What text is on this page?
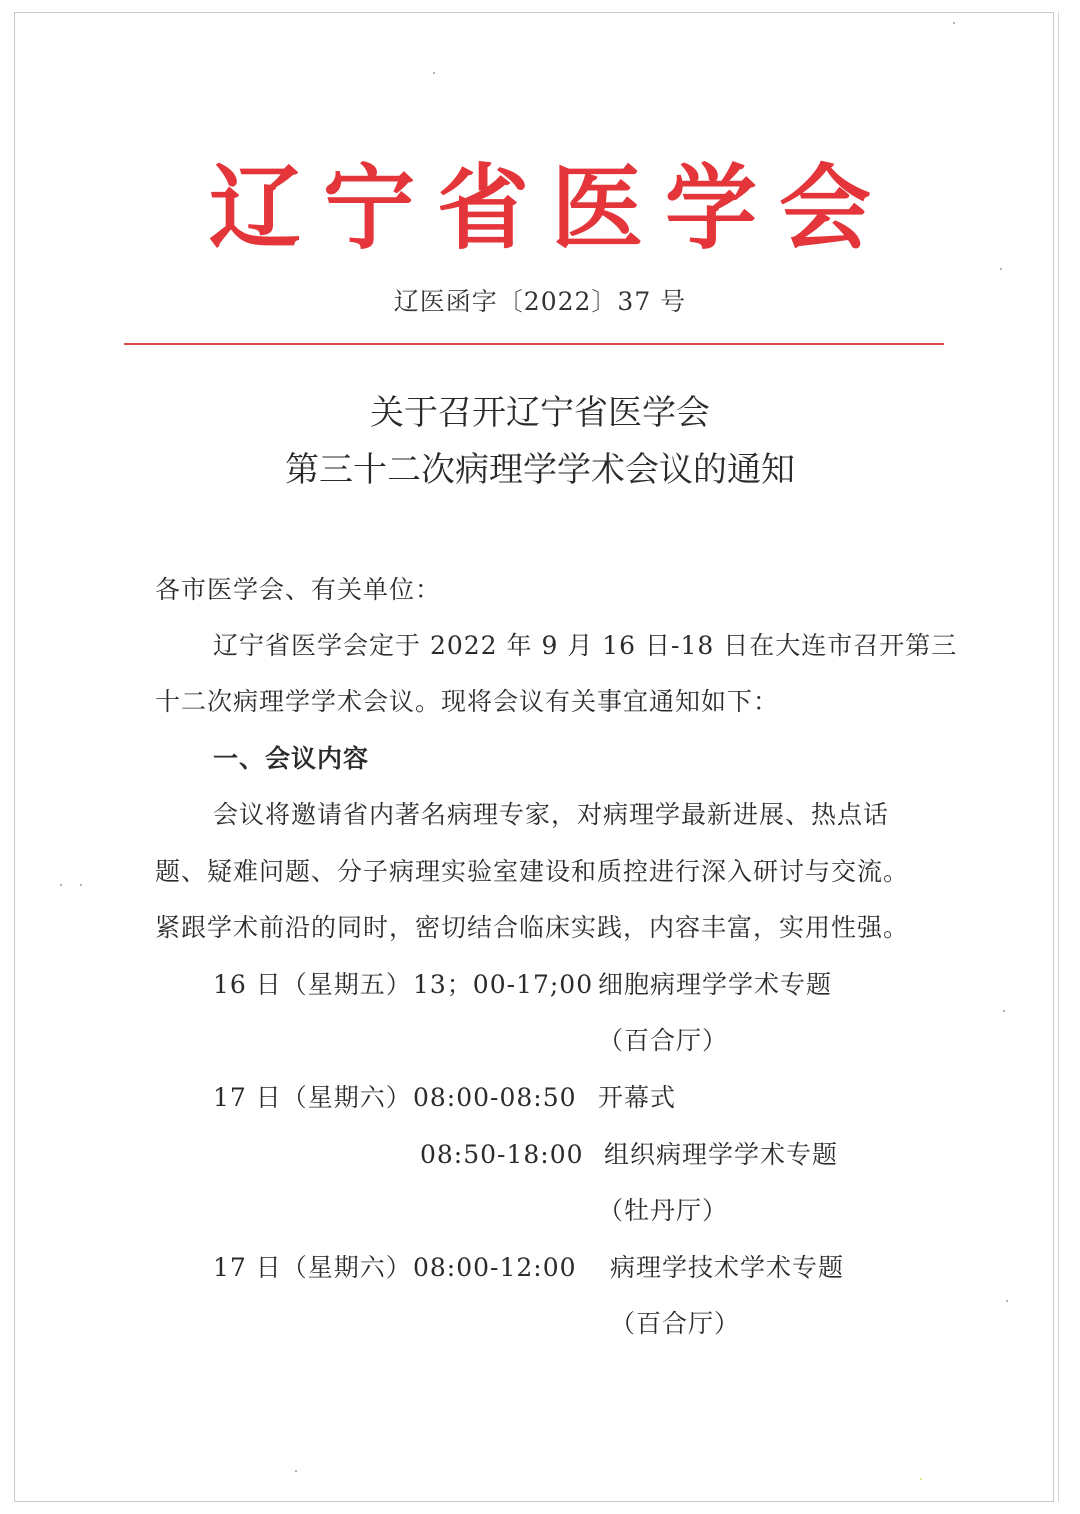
辽宁省医学会
辽医函字〔2022〕37 号
关于召开辽宁省医学会
第三十二次病理学学术会议的通知
各市医学会、有关单位：
辽宁省医学会定于 2022 年 9 月 16 日-18 日在大连市召开第三
十二次病理学学术会议。现将会议有关事宜通知如下：
一、会议内容
会议将邀请省内著名病理专家，对病理学最新进展、热点话
题、疑难问题、分子病理实验室建设和质控进行深入研讨与交流。
紧跟学术前沿的同时，密切结合临床实践，内容丰富，实用性强。
16 日（星期五） 13；00-17;00 细胞病理学学术专题
（百合厅）
17 日（星期六） 08:00-08:50 开幕式
08:50-18:00 组织病理学学术专题
（牡丹厅）
17 日（星期六） 08:00-12:00 病理学技术学术专题
（百合厅）
